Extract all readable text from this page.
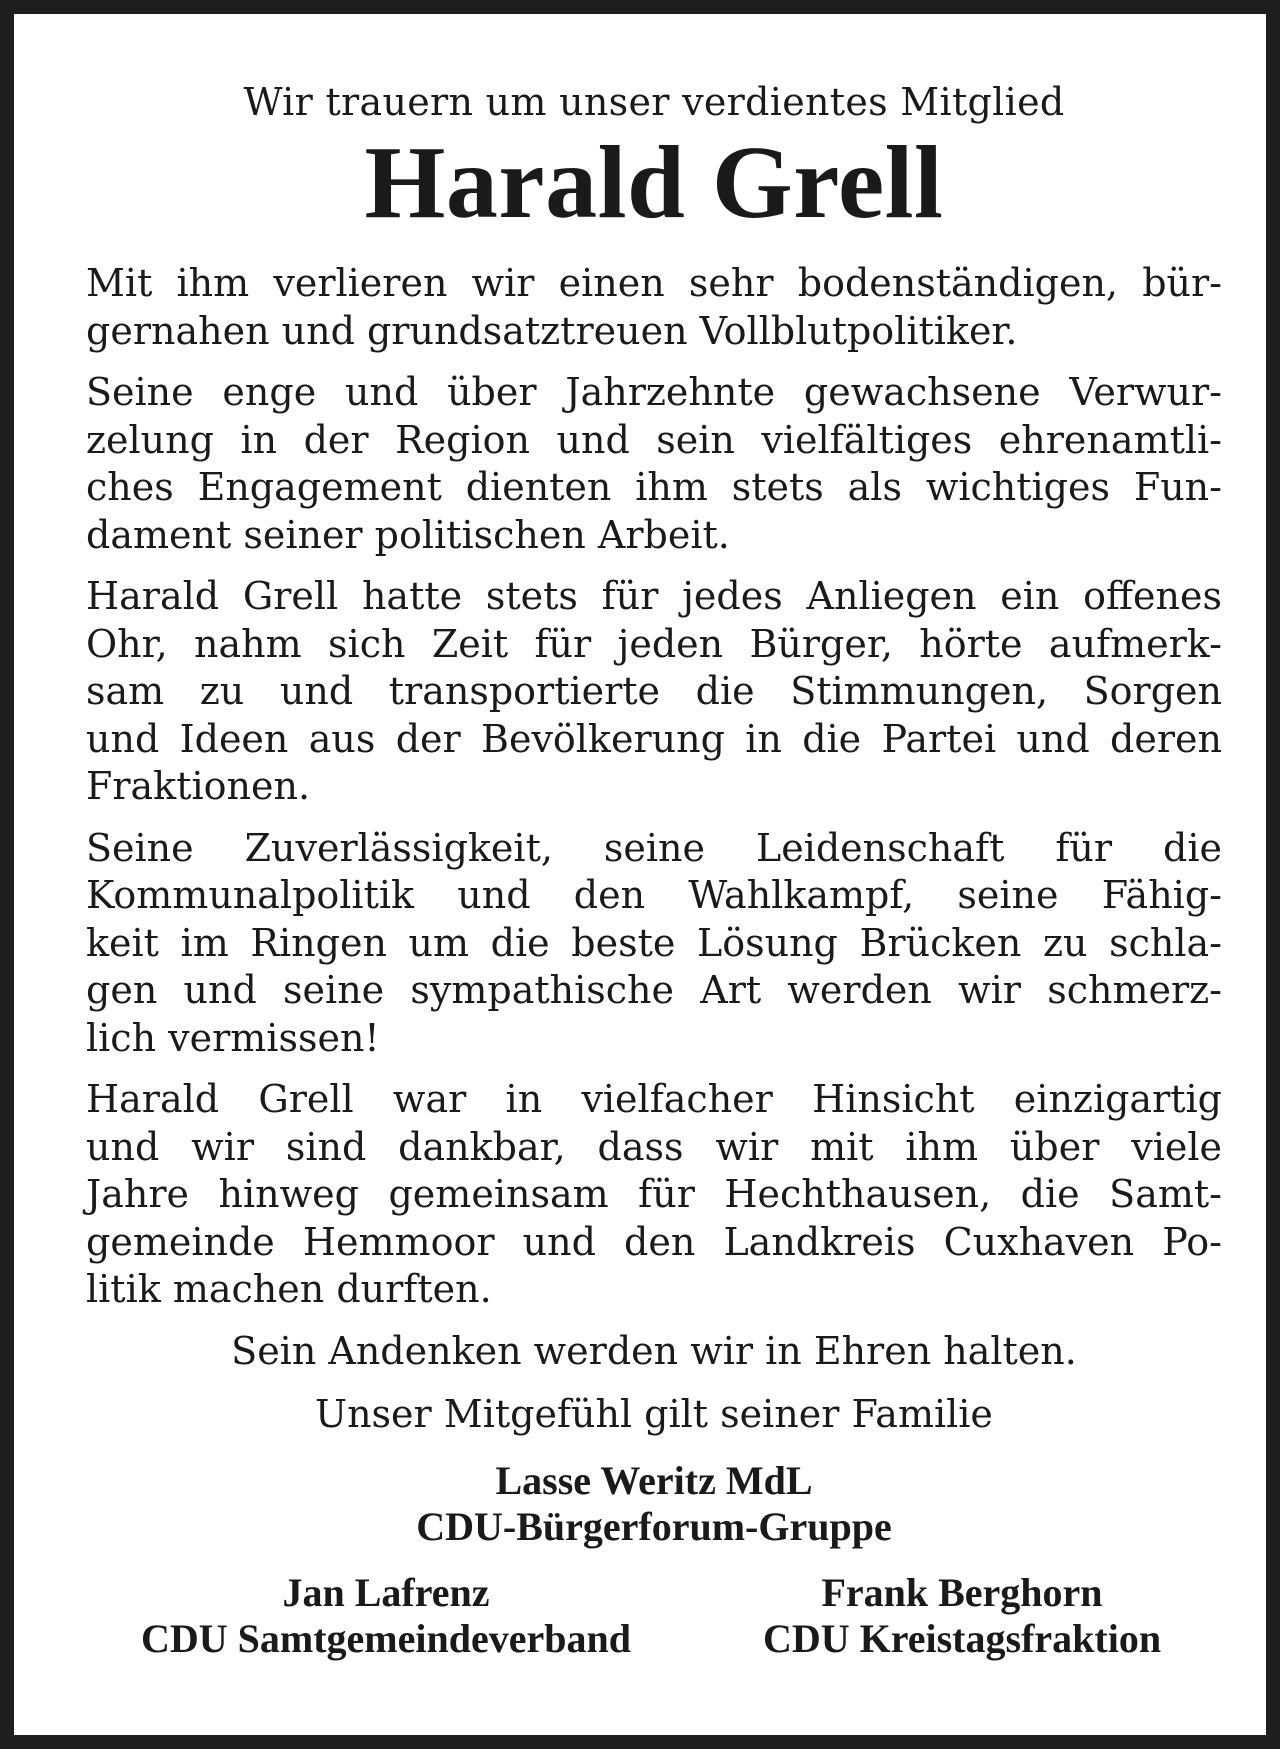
Wir trauern um unser verdientes Mitglied
Harald Grell
Mit ihm verlieren wir einen sehr bodenständigen, bür-
gernahen und grundsatztreuen Vollblutpolitiker.
Seine enge und über Jahrzehnte gewachsene Verwur-
zelung in der Region und sein vielfältiges ehrenamtli-
ches Engagement dienten ihm stets als wichtiges Fun-
dament seiner politischen Arbeit.
Harald Grell hatte stets für jedes Anliegen ein offenes
Ohr, nahm sich Zeit für jeden Bürger, hörte aufmerk-
sam zu und transportierte die Stimmungen, Sorgen
und Ideen aus der Bevölkerung in die Partei und deren
Fraktionen.
Seine Zuverlässigkeit, seine Leidenschaft für die
Kommunalpolitik und den Wahlkampf, seine Fähig-
keit im Ringen um die beste Lösung Brücken zu schla-
gen und seine sympathische Art werden wir schmerz-
lich vermissen!
Harald Grell war in vielfacher Hinsicht einzigartig
und wir sind dankbar, dass wir mit ihm über viele
Jahre hinweg gemeinsam für Hechthausen, die Samt-
gemeinde Hemmoor und den Landkreis Cuxhaven Po-
litik machen durften.
Sein Andenken werden wir in Ehren halten.
Unser Mitgefühl gilt seiner Familie
Lasse Weritz MdL
CDU-Bürgerforum-Gruppe
Jan Lafrenz
CDU Samtgemeindeverband
Frank Berghorn
CDU Kreistagsfraktion
